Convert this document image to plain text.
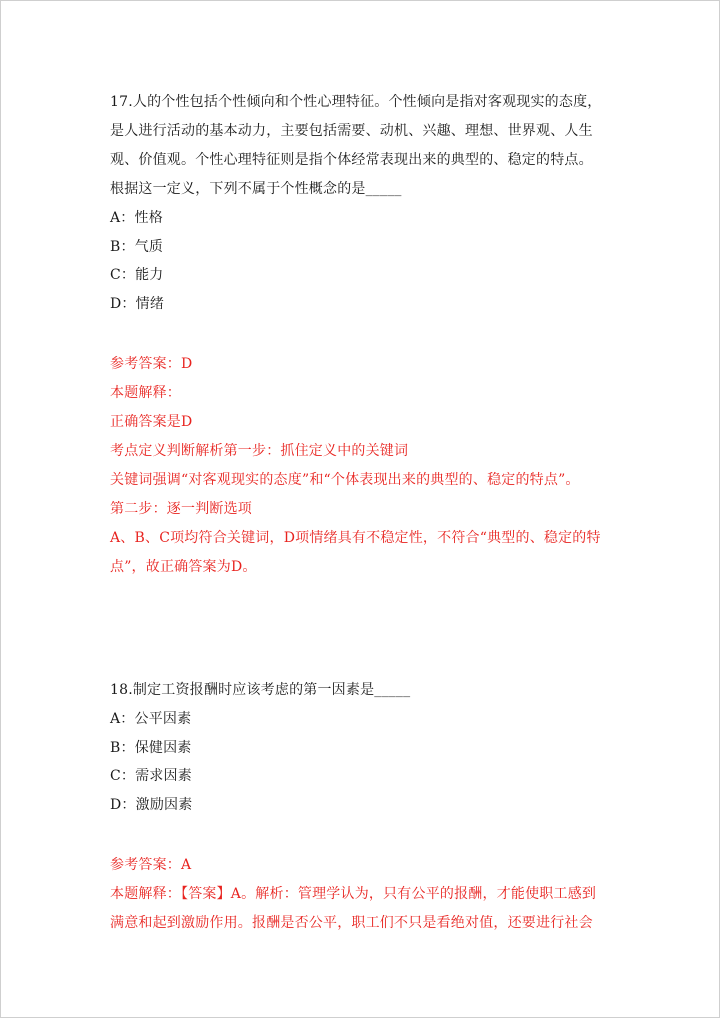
17.人的个性包括个性倾向和个性心理特征。个性倾向是指对客观现实的态度，
是人进行活动的基本动力，主要包括需要、动机、兴趣、理想、世界观、人生
观、价值观。个性心理特征则是指个体经常表现出来的典型的、稳定的特点。
根据这一定义，下列不属于个性概念的是_____
A：性格
B：气质
C：能力
D：情绪
参考答案：D
本题解释：
正确答案是D
考点定义判断解析第一步：抓住定义中的关键词
关键词强调“对客观现实的态度”和“个体表现出来的典型的、稳定的特点”。
第二步：逐一判断选项
A、B、C项均符合关键词，D项情绪具有不稳定性，不符合“典型的、稳定的特
点”，故正确答案为D。
18.制定工资报酬时应该考虑的第一因素是_____
A：公平因素
B：保健因素
C：需求因素
D：激励因素
参考答案：A
本题解释：【答案】A。解析：管理学认为，只有公平的报酬，才能使职工感到
满意和起到激励作用。报酬是否公平，职工们不只是看绝对值，还要进行社会
